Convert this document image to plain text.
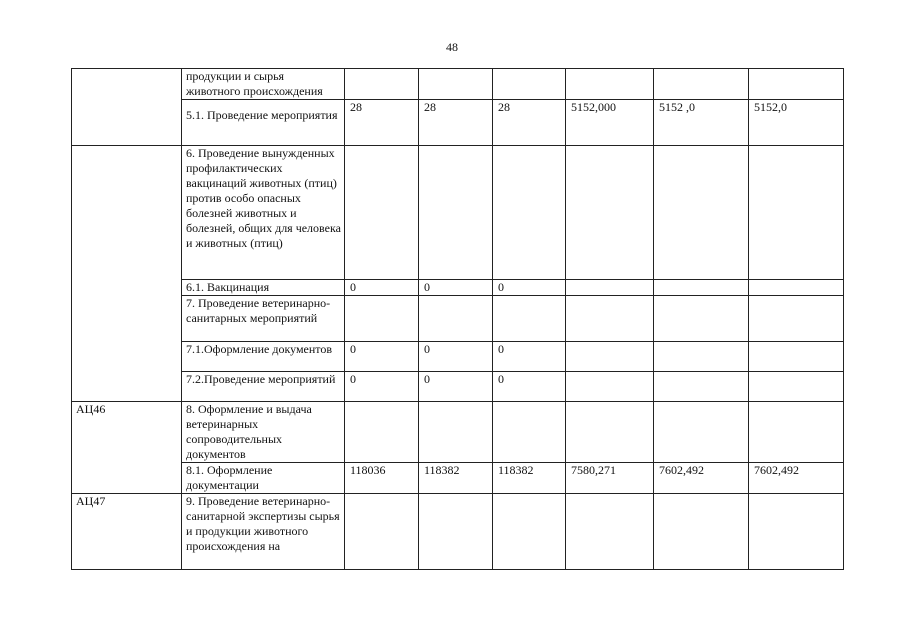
48
	продукции и сырья животного происхождения						
	5.1. Проведение мероприятия	28	28	28	5152,000	5152 ,0	5152,0
	6. Проведение вынужденных профилактических вакцинаций животных (птиц) против особо опасных болезней животных и болезней, общих для человека и животных (птиц)						
	6.1. Вакцинация	0	0	0			
	7. Проведение ветеринарно-санитарных мероприятий						
	7.1.Оформление документов	0	0	0			
	7.2.Проведение мероприятий	0	0	0			
АЦ46	8. Оформление и выдача ветеринарных сопроводительных документов						
	8.1. Оформление документации	118036	118382	118382	7580,271	7602,492	7602,492
АЦ47	9. Проведение ветеринарно-санитарной экспертизы сырья и продукции животного происхождения на						
